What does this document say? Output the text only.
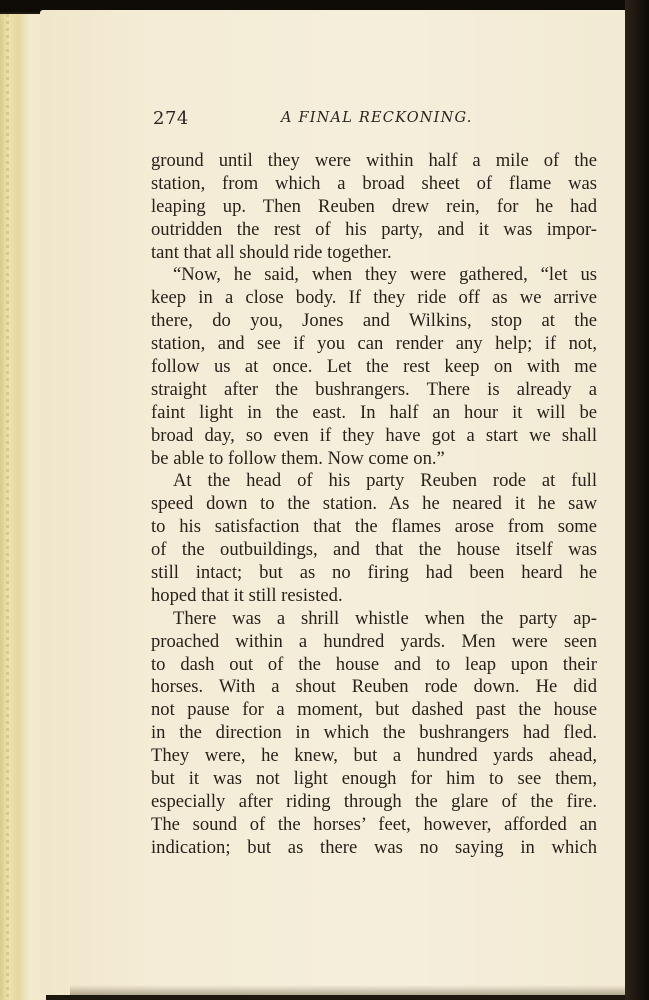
274	A FINAL RECKONING.
ground until they were within half a mile of the
station, from which a broad sheet of flame was
leaping up. Then Reuben drew rein, for he had
outridden the rest of his party, and it was impor-
tant that all should ride together.
“Now, he said, when they were gathered, “let us
keep in a close body. If they ride off as we arrive
there, do you, Jones and Wilkins, stop at the
station, and see if you can render any help; if not,
follow us at once. Let the rest keep on with me
straight after the bushrangers. There is already a
faint light in the east. In half an hour it will be
broad day, so even if they have got a start we shall
be able to follow them. Now come on.”
At the head of his party Reuben rode at full
speed down to the station. As he neared it he saw
to his satisfaction that the flames arose from some
of the outbuildings, and that the house itself was
still intact; but as no firing had been heard he
hoped that it still resisted.
There was a shrill whistle when the party ap-
proached within a hundred yards. Men were seen
to dash out of the house and to leap upon their
horses. With a shout Reuben rode down. He did
not pause for a moment, but dashed past the house
in the direction in which the bushrangers had fled.
They were, he knew, but a hundred yards ahead,
but it was not light enough for him to see them,
especially after riding through the glare of the fire.
The sound of the horses’ feet, however, afforded an
indication; but as there was no saying in which
